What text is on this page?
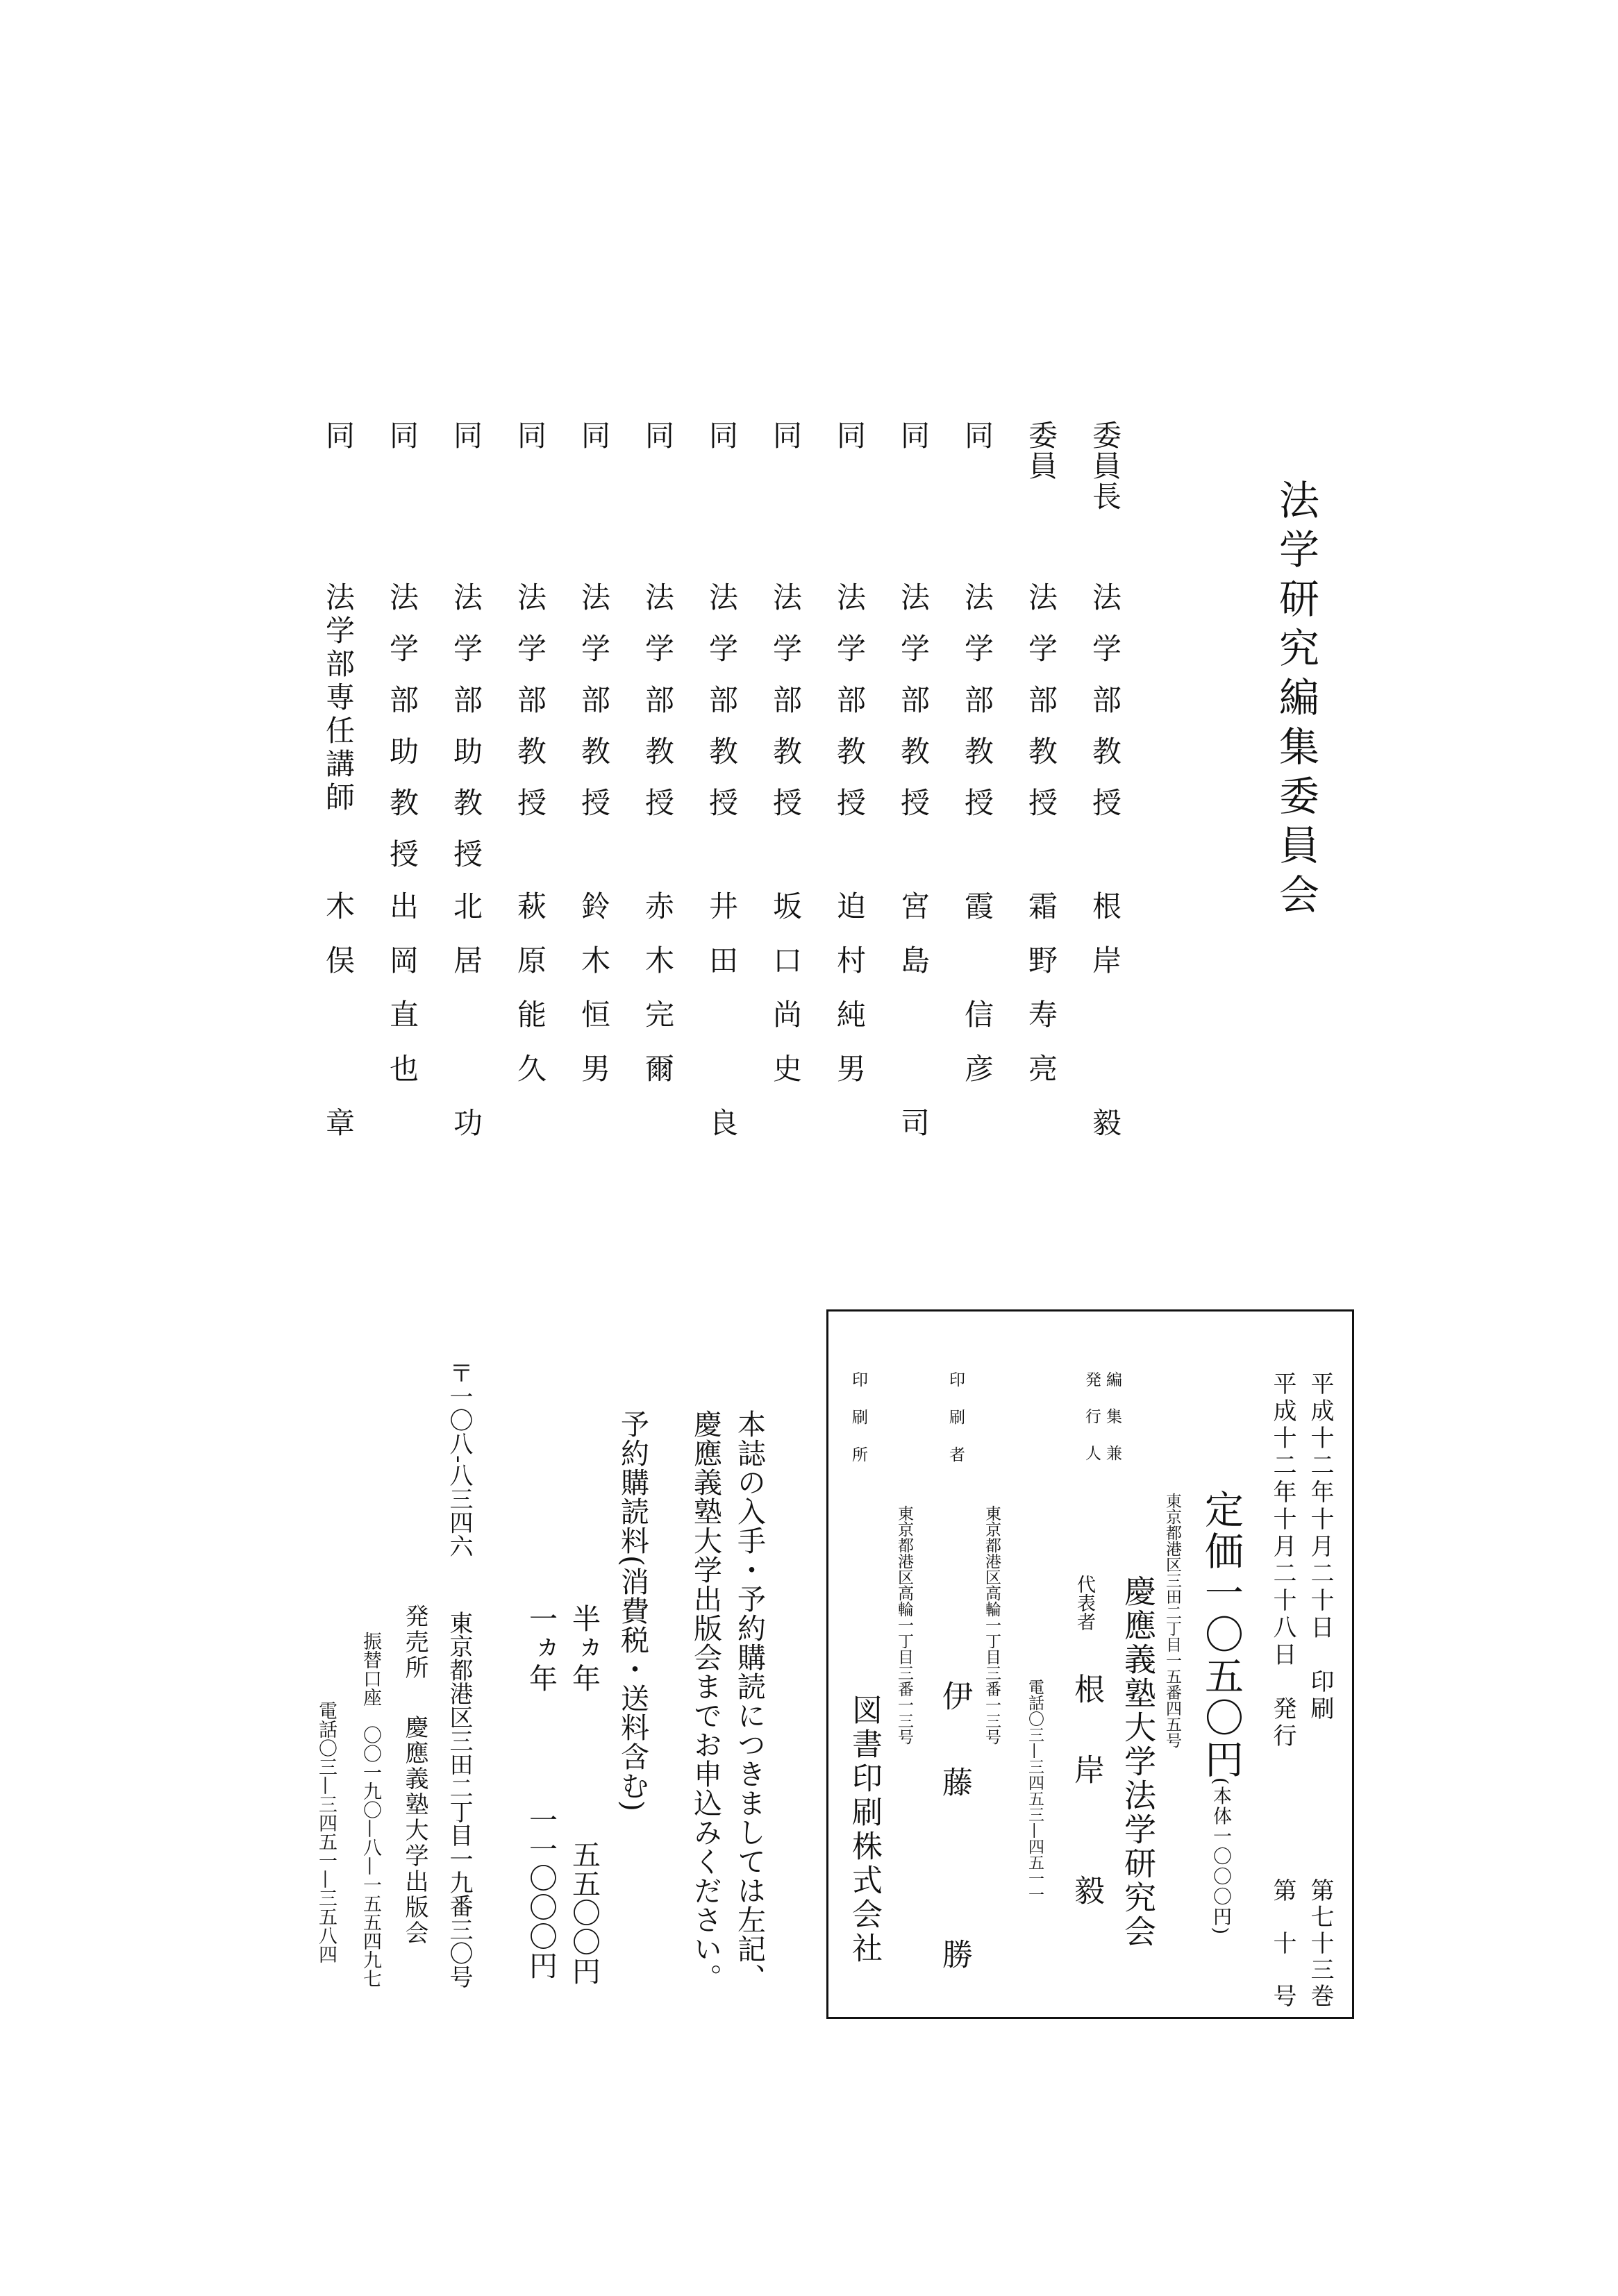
法学研究編集委員会
委員長
法学部教授
根岸　　毅
委員
法学部教授
霜野寿亮
同
法学部教授
霞　信彦
同
法学部教授
宮島　　司
同
法学部教授
迫村純男
同
法学部教授
坂口尚史
同
法学部教授
井田　　良
同
法学部教授
赤木完爾
同
法学部教授
鈴木恒男
同
法学部教授
萩原能久
同
法学部助教授
北居　　功
同
法学部助教授
出岡直也
同
法学部専任講師
木俣　　章
平成十二年十月二十日　印刷
平成十二年十月二十八日　発行
第七十三巻
第　十　号
定価一〇五〇円
(本体一〇〇〇円)
東京都港区三田二丁目一五番四五号
慶應義塾大学法学研究会
編集兼
発行人
代表者
根　岸　　毅
電話〇三—三四五三—四五一一
印　刷　者
東京都港区高輪一丁目三番一三号
伊　藤　　　勝
印　刷　所
東京都港区高輪一丁目三番一三号
図書印刷株式会社
本誌の入手・予約購読につきましては左記、
慶應義塾大学出版会までお申込みください。
予約購読料(消費税・送料含む)
半ヵ年
五五〇〇円
一ヵ年
一一〇〇〇円
〒一〇八-八三四六
東京都港区三田二丁目一九番三〇号
発売所
慶應義塾大学出版会
振替口座　〇〇一九〇—八—一五五四九七
電話〇三—三四五一—三五八四
